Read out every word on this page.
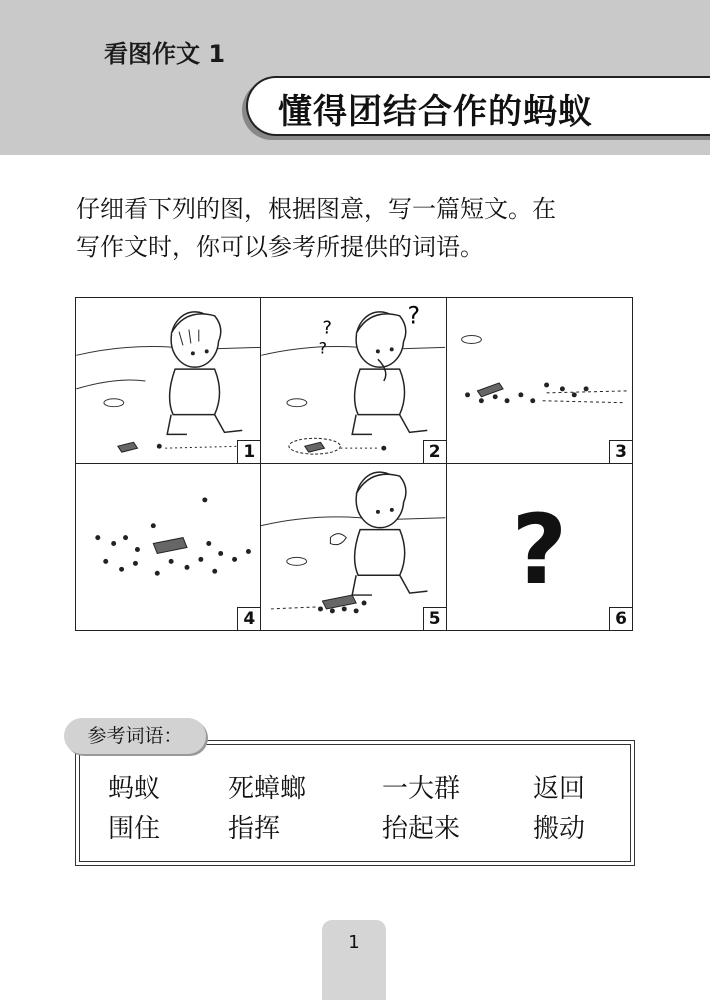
看图作文 1
懂得团结合作的蚂蚁

仔细看下列的图，根据图意，写一篇短文。在

写作文时，你可以参考所提供的词语。

1
?
?
?
2	3
4	5
?
6
参考词语：
蚂蚁	死蟑螂	一大群	返回
围住	指挥	抬起来	搬动
1
